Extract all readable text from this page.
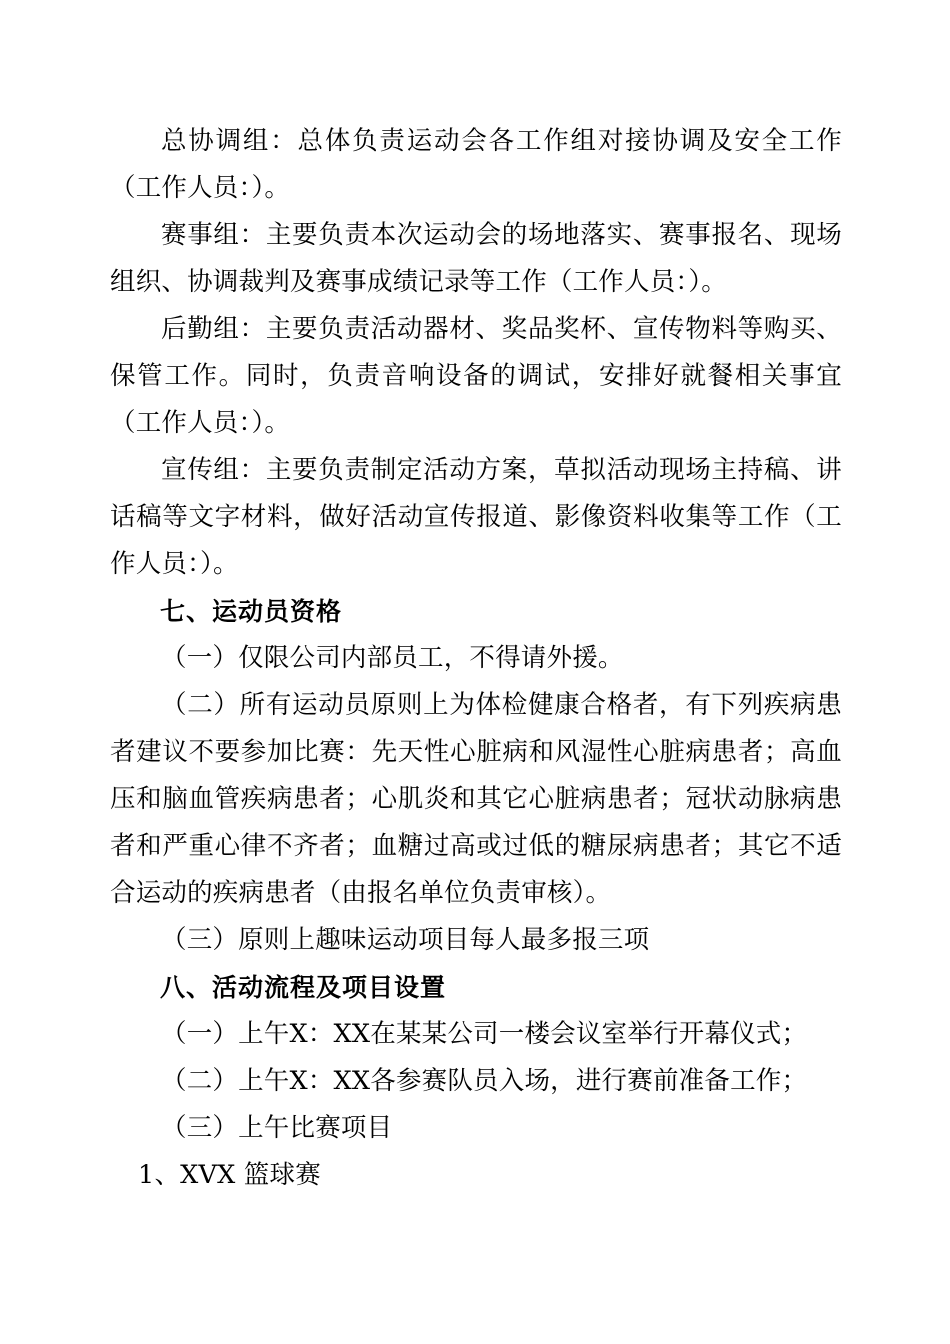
总协调组：总体负责运动会各工作组对接协调及安全工作（工作人员：）。

赛事组：主要负责本次运动会的场地落实、赛事报名、现场组织、协调裁判及赛事成绩记录等工作（工作人员：）。

后勤组：主要负责活动器材、奖品奖杯、宣传物料等购买、保管工作。同时，负责音响设备的调试，安排好就餐相关事宜（工作人员：）。

宣传组：主要负责制定活动方案，草拟活动现场主持稿、讲话稿等文字材料，做好活动宣传报道、影像资料收集等工作（工作人员：）。

七、运动员资格

（一）仅限公司内部员工，不得请外援。

（二）所有运动员原则上为体检健康合格者，有下列疾病患者建议不要参加比赛：先天性心脏病和风湿性心脏病患者；高血压和脑血管疾病患者；心肌炎和其它心脏病患者；冠状动脉病患者和严重心律不齐者；血糖过高或过低的糖尿病患者；其它不适合运动的疾病患者（由报名单位负责审核）。

（三）原则上趣味运动项目每人最多报三项

八、活动流程及项目设置

（一）上午X：XX在某某公司一楼会议室举行开幕仪式；

（二）上午X：XX各参赛队员入场，进行赛前准备工作；

（三）上午比赛项目

1、XVX 篮球赛
